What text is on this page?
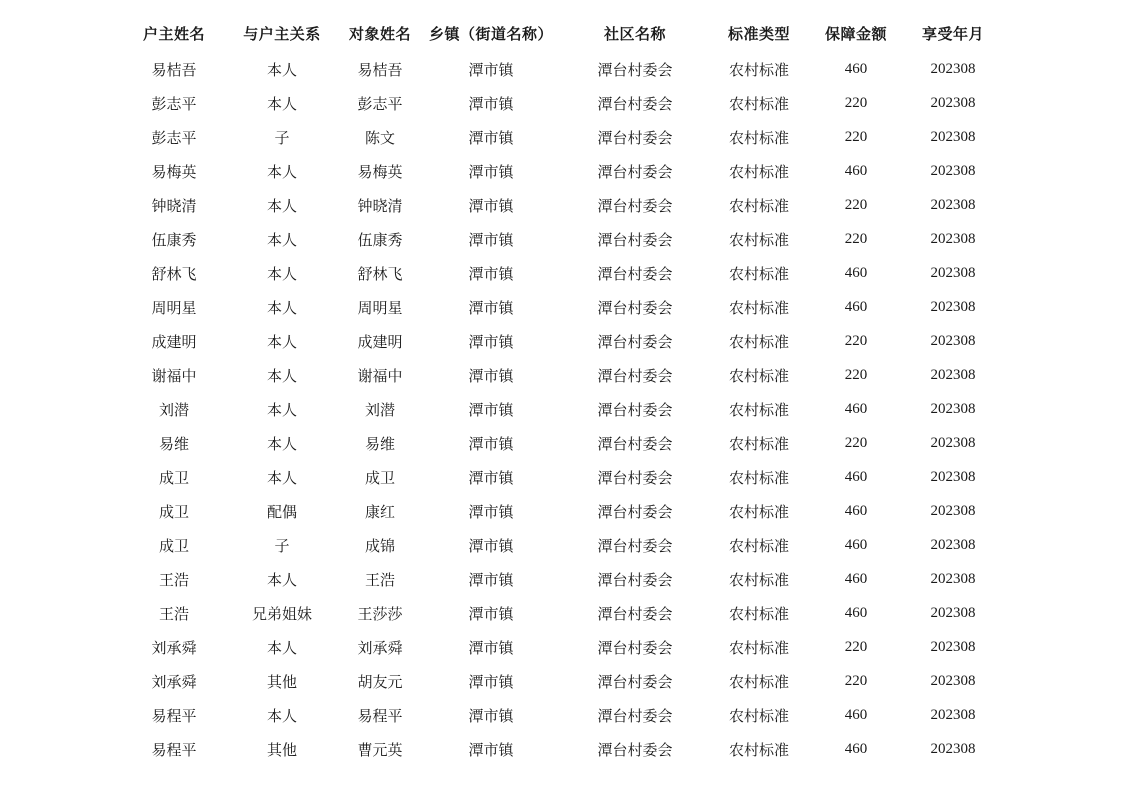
户主姓名	与户主关系	对象姓名	乡镇（街道名称）	社区名称	标准类型	保障金额	享受年月
易桔吾	本人	易桔吾	潭市镇	潭台村委会	农村标准	460	202308
彭志平	本人	彭志平	潭市镇	潭台村委会	农村标准	220	202308
彭志平	子	陈文	潭市镇	潭台村委会	农村标准	220	202308
易梅英	本人	易梅英	潭市镇	潭台村委会	农村标准	460	202308
钟晓清	本人	钟晓清	潭市镇	潭台村委会	农村标准	220	202308
伍康秀	本人	伍康秀	潭市镇	潭台村委会	农村标准	220	202308
舒林飞	本人	舒林飞	潭市镇	潭台村委会	农村标准	460	202308
周明星	本人	周明星	潭市镇	潭台村委会	农村标准	460	202308
成建明	本人	成建明	潭市镇	潭台村委会	农村标准	220	202308
谢福中	本人	谢福中	潭市镇	潭台村委会	农村标准	220	202308
刘潜	本人	刘潜	潭市镇	潭台村委会	农村标准	460	202308
易维	本人	易维	潭市镇	潭台村委会	农村标准	220	202308
成卫	本人	成卫	潭市镇	潭台村委会	农村标准	460	202308
成卫	配偶	康红	潭市镇	潭台村委会	农村标准	460	202308
成卫	子	成锦	潭市镇	潭台村委会	农村标准	460	202308
王浩	本人	王浩	潭市镇	潭台村委会	农村标准	460	202308
王浩	兄弟姐妹	王莎莎	潭市镇	潭台村委会	农村标准	460	202308
刘承舜	本人	刘承舜	潭市镇	潭台村委会	农村标准	220	202308
刘承舜	其他	胡友元	潭市镇	潭台村委会	农村标准	220	202308
易程平	本人	易程平	潭市镇	潭台村委会	农村标准	460	202308
易程平	其他	曹元英	潭市镇	潭台村委会	农村标准	460	202308
